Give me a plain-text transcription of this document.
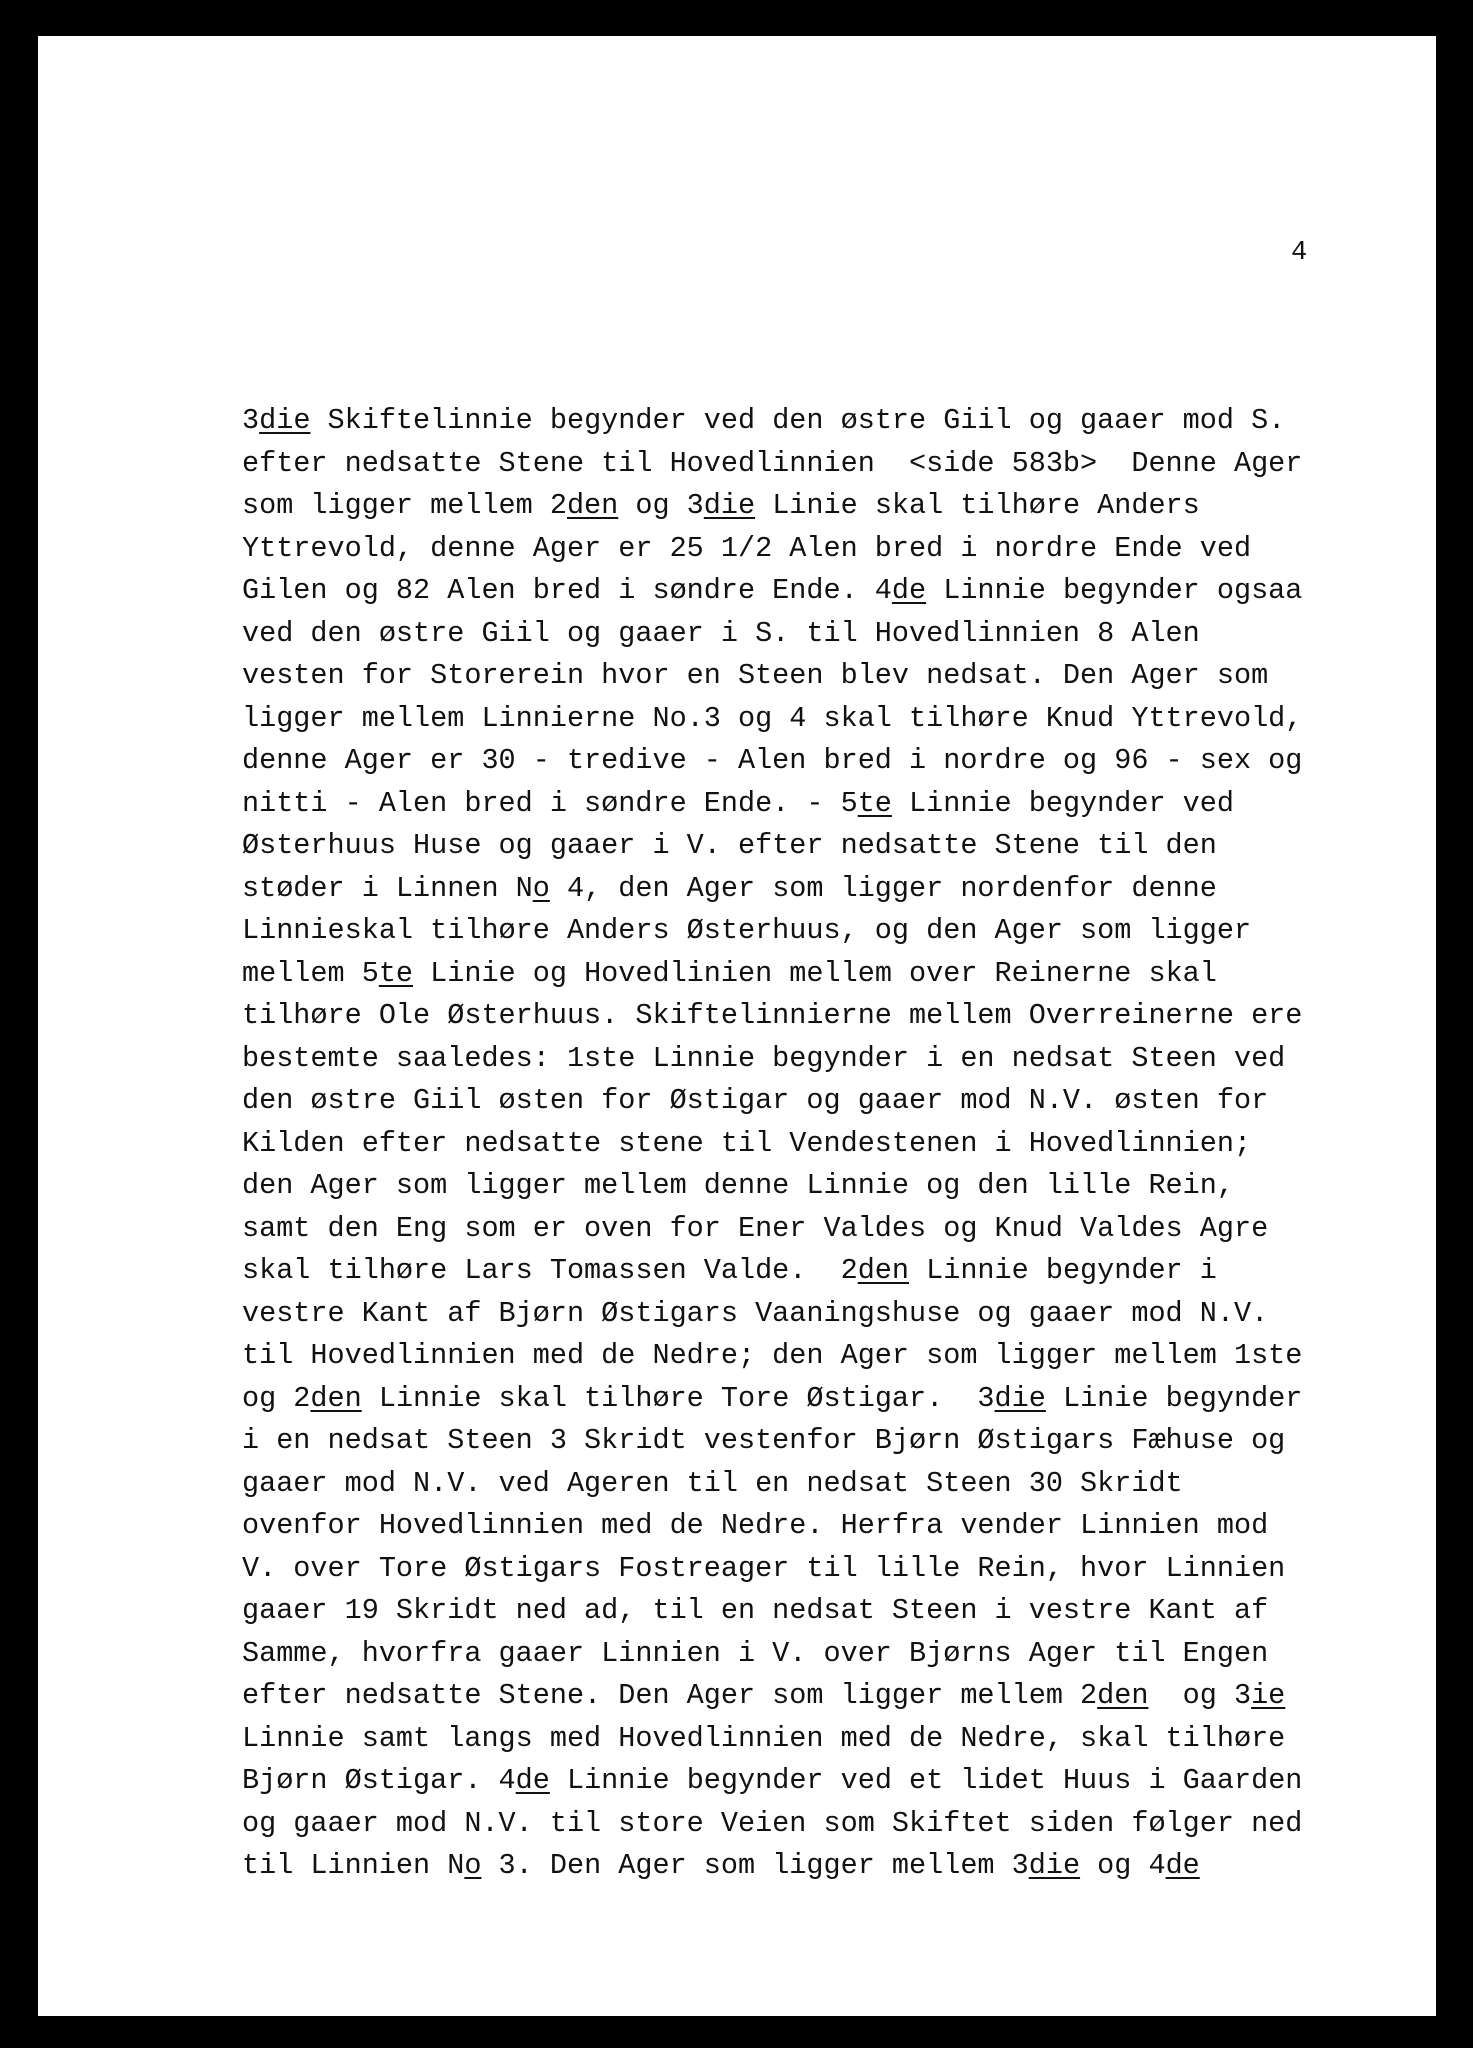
4
3die Skiftelinnie begynder ved den østre Giil og gaaer mod S.
efter nedsatte Stene til Hovedlinnien  <side 583b>  Denne Ager
som ligger mellem 2den og 3die Linie skal tilhøre Anders
Yttrevold, denne Ager er 25 1/2 Alen bred i nordre Ende ved
Gilen og 82 Alen bred i søndre Ende. 4de Linnie begynder ogsaa
ved den østre Giil og gaaer i S. til Hovedlinnien 8 Alen
vesten for Storerein hvor en Steen blev nedsat. Den Ager som
ligger mellem Linnierne No.3 og 4 skal tilhøre Knud Yttrevold,
denne Ager er 30 - tredive - Alen bred i nordre og 96 - sex og
nitti - Alen bred i søndre Ende. - 5te Linnie begynder ved
Østerhuus Huse og gaaer i V. efter nedsatte Stene til den
støder i Linnen No 4, den Ager som ligger nordenfor denne
Linnieskal tilhøre Anders Østerhuus, og den Ager som ligger
mellem 5te Linie og Hovedlinien mellem over Reinerne skal
tilhøre Ole Østerhuus. Skiftelinnierne mellem Overreinerne ere
bestemte saaledes: 1ste Linnie begynder i en nedsat Steen ved
den østre Giil østen for Østigar og gaaer mod N.V. østen for
Kilden efter nedsatte stene til Vendestenen i Hovedlinnien;
den Ager som ligger mellem denne Linnie og den lille Rein,
samt den Eng som er oven for Ener Valdes og Knud Valdes Agre
skal tilhøre Lars Tomassen Valde.  2den Linnie begynder i
vestre Kant af Bjørn Østigars Vaaningshuse og gaaer mod N.V.
til Hovedlinnien med de Nedre; den Ager som ligger mellem 1ste
og 2den Linnie skal tilhøre Tore Østigar.  3die Linie begynder
i en nedsat Steen 3 Skridt vestenfor Bjørn Østigars Fæhuse og
gaaer mod N.V. ved Ageren til en nedsat Steen 30 Skridt
ovenfor Hovedlinnien med de Nedre. Herfra vender Linnien mod
V. over Tore Østigars Fostreager til lille Rein, hvor Linnien
gaaer 19 Skridt ned ad, til en nedsat Steen i vestre Kant af
Samme, hvorfra gaaer Linnien i V. over Bjørns Ager til Engen
efter nedsatte Stene. Den Ager som ligger mellem 2den  og 3ie
Linnie samt langs med Hovedlinnien med de Nedre, skal tilhøre
Bjørn Østigar. 4de Linnie begynder ved et lidet Huus i Gaarden
og gaaer mod N.V. til store Veien som Skiftet siden følger ned
til Linnien No 3. Den Ager som ligger mellem 3die og 4de
